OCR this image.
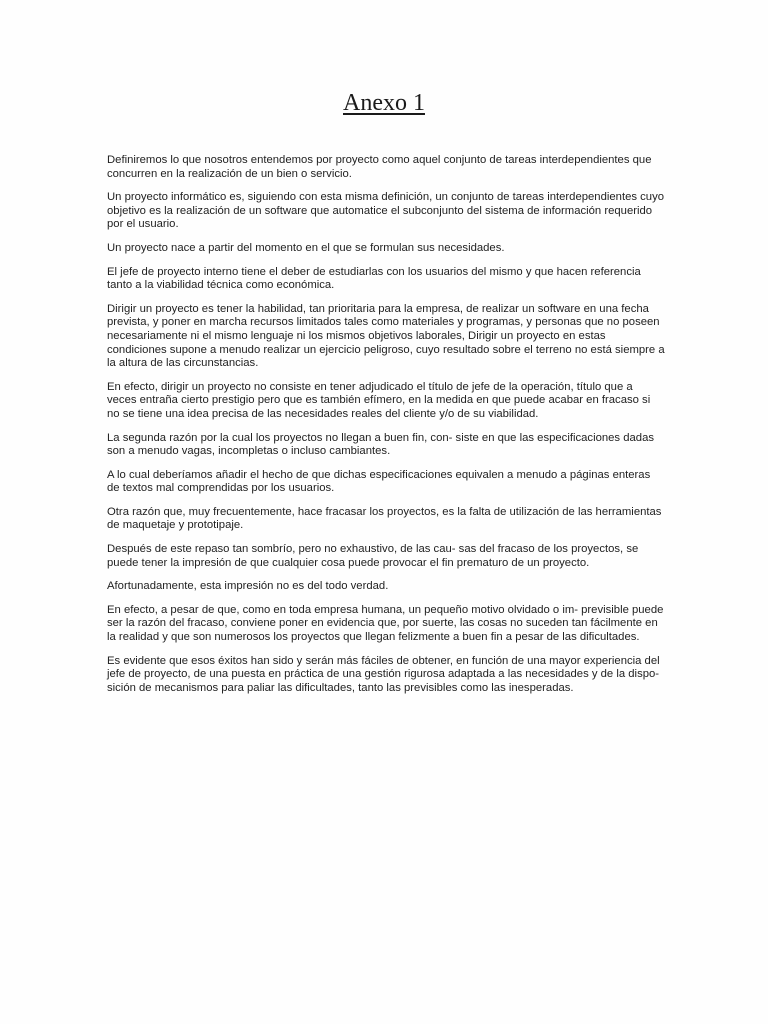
Anexo 1

Definiremos lo que nosotros entendemos por proyecto como aquel conjunto de tareas interdependientes que concurren en la realización de un bien o servicio.

Un proyecto informático es, siguiendo con esta misma definición, un conjunto de tareas interdependientes cuyo objetivo es la realización de un software que automatice el subconjunto del sistema de información requerido por el usuario.

Un proyecto nace a partir del momento en el que se formulan sus necesidades.

El jefe de proyecto interno tiene el deber de estudiarlas con los usuarios del mismo y que hacen referencia tanto a la viabilidad técnica como económica.

Dirigir un proyecto es tener la habilidad, tan prioritaria para la empresa, de realizar un software en una fecha prevista, y poner en marcha recursos limitados tales como materiales y programas, y personas que no poseen necesariamente ni el mismo lenguaje ni los mismos objetivos laborales, Dirigir un proyecto en estas condiciones supone a menudo realizar un ejercicio peligroso, cuyo resultado sobre el terreno no está siempre a la altura de las circunstancias.

En efecto, dirigir un proyecto no consiste en tener adjudicado el título de jefe de la operación, título que a veces entraña cierto prestigio pero que es también efímero, en la medida en que puede acabar en fracaso si no se tiene una idea precisa de las necesidades reales del cliente y/o de su viabilidad.

La segunda razón por la cual los proyectos no llegan a buen fin, con- siste en que las especificaciones dadas son a menudo vagas, incompletas o incluso cambiantes.

A lo cual deberíamos añadir el hecho de que dichas especificaciones equivalen a menudo a páginas enteras de textos mal comprendidas por los usuarios.

Otra razón que, muy frecuentemente, hace fracasar los proyectos, es la falta de utilización de las herramientas de maquetaje y prototipaje.

Después de este repaso tan sombrío, pero no exhaustivo, de las cau- sas del fracaso de los proyectos, se puede tener la impresión de que cualquier cosa puede provocar el fin prematuro de un proyecto.

Afortunadamente, esta impresión no es del todo verdad.

En efecto, a pesar de que, como en toda empresa humana, un pequeño motivo olvidado o im- previsible puede ser la razón del fracaso, conviene poner en evidencia que, por suerte, las cosas no suceden tan fácilmente en la realidad y que son numerosos los proyectos que llegan felizmente a buen fin a pesar de las dificultades.

Es evidente que esos éxitos han sido y serán más fáciles de obtener, en función de una mayor experiencia del jefe de proyecto, de una puesta en práctica de una gestión rigurosa adaptada a las necesidades y de la dispo- sición de mecanismos para paliar las dificultades, tanto las previsibles como las inesperadas.
